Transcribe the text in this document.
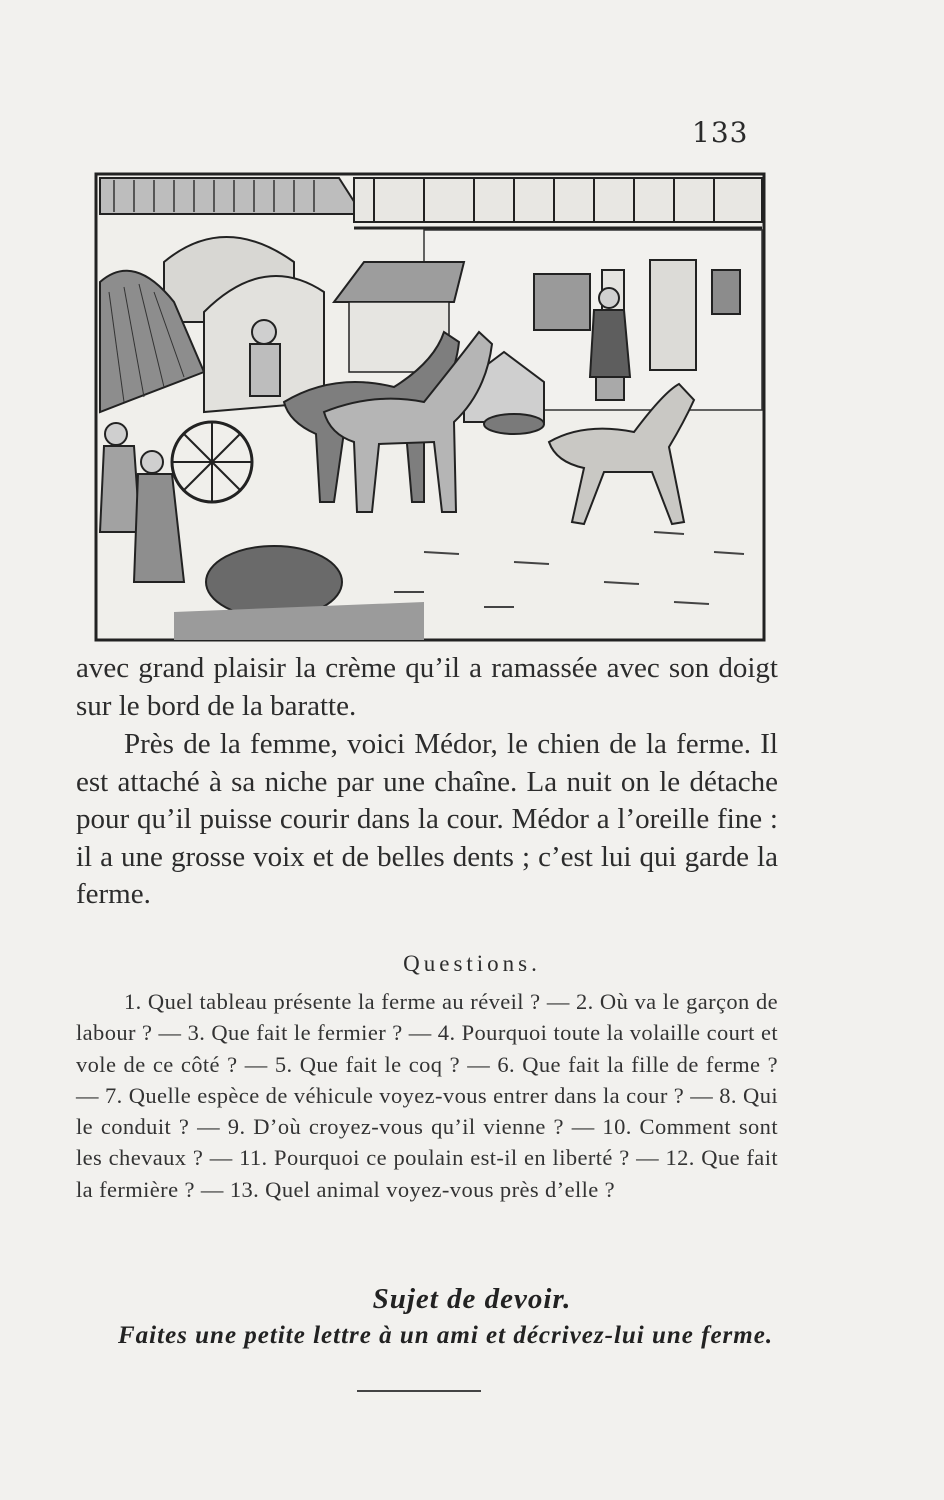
133

avec grand plaisir la crème qu’il a ramassée avec son doigt sur le bord de la baratte.

Près de la femme, voici Médor, le chien de la ferme. Il est attaché à sa niche par une chaîne. La nuit on le détache pour qu’il puisse courir dans la cour. Médor a l’oreille fine : il a une grosse voix et de belles dents ; c’est lui qui garde la ferme.

Questions.

1. Quel tableau présente la ferme au réveil ? — 2. Où va le garçon de labour ? — 3. Que fait le fermier ? — 4. Pourquoi toute la volaille court et vole de ce côté ? — 5. Que fait le coq ? — 6. Que fait la fille de ferme ? — 7. Quelle espèce de véhicule voyez-vous entrer dans la cour ? — 8. Qui le conduit ? — 9. D’où croyez-vous qu’il vienne ? — 10. Comment sont les chevaux ? — 11. Pourquoi ce poulain est-il en liberté ? — 12. Que fait la fermière ? — 13. Quel animal voyez-vous près d’elle ?

Sujet de devoir.

Faites une petite lettre à un ami et décrivez-lui une ferme.
